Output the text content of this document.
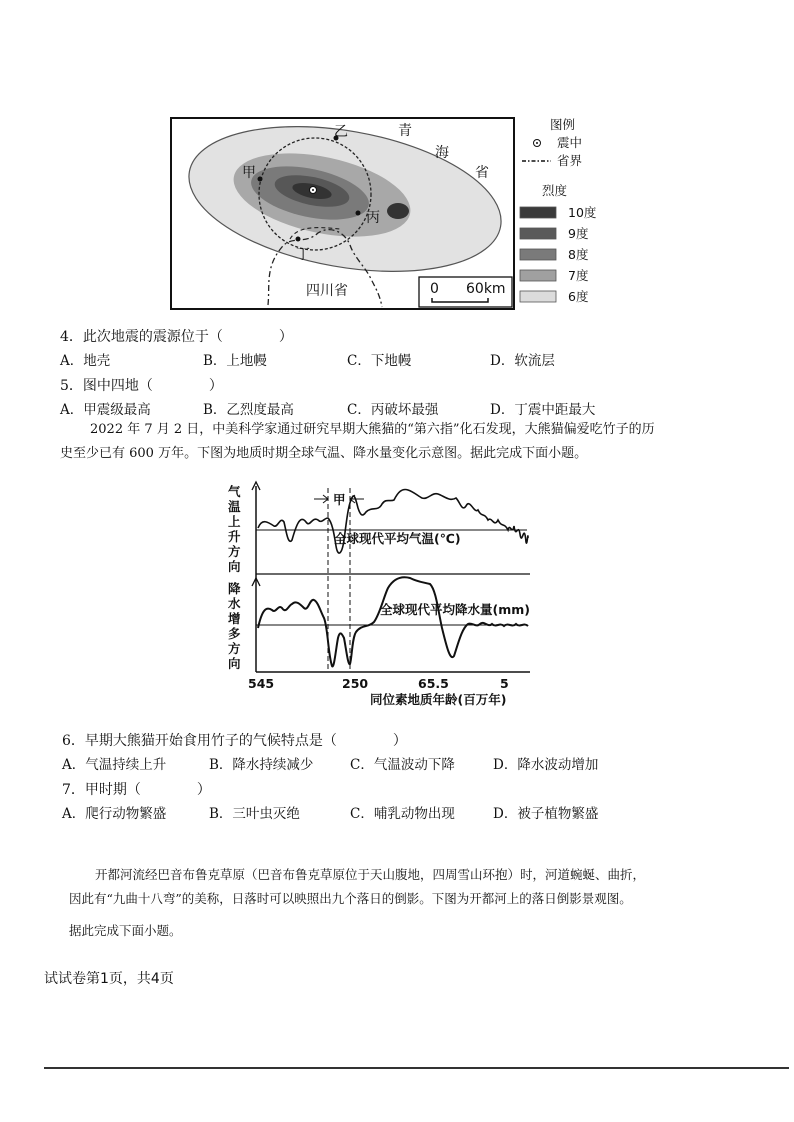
乙	青
海
省
甲
丙
丁
四川省	0 60km
图例
震中
省界
烈度
10度
9度
8度
7度
6度
4．此次地震的震源位于（　　　　）
A．地壳	B．上地幔	C．下地幔	D．软流层
5．图中四地（　　　　）
A．甲震级最高	B．乙烈度最高	C．丙破坏最强	D．丁震中距最大
2022 年 7 月 2 日，中美科学家通过研究早期大熊猫的“第六指”化石发现，大熊猫偏爱吃竹子的历
史至少已有 600 万年。下图为地质时期全球气温、降水量变化示意图。据此完成下面小题。
气
温
上
升
方
向
降
水
增
多
方
向
甲
全球现代平均气温(℃)
全球现代平均降水量(mm)
545	250	65.5	5
同位素地质年龄(百万年)
6．早期大熊猫开始食用竹子的气候特点是（　　　　）
A．气温持续上升	B．降水持续减少	C．气温波动下降	D．降水波动增加
7．甲时期（　　　　）
A．爬行动物繁盛	B．三叶虫灭绝	C．哺乳动物出现	D．被子植物繁盛
开都河流经巴音布鲁克草原（巴音布鲁克草原位于天山腹地，四周雪山环抱）时，河道蜿蜒、曲折，
因此有“九曲十八弯”的美称，日落时可以映照出九个落日的倒影。下图为开都河上的落日倒影景观图。
据此完成下面小题。
试试卷第1页，共4页
